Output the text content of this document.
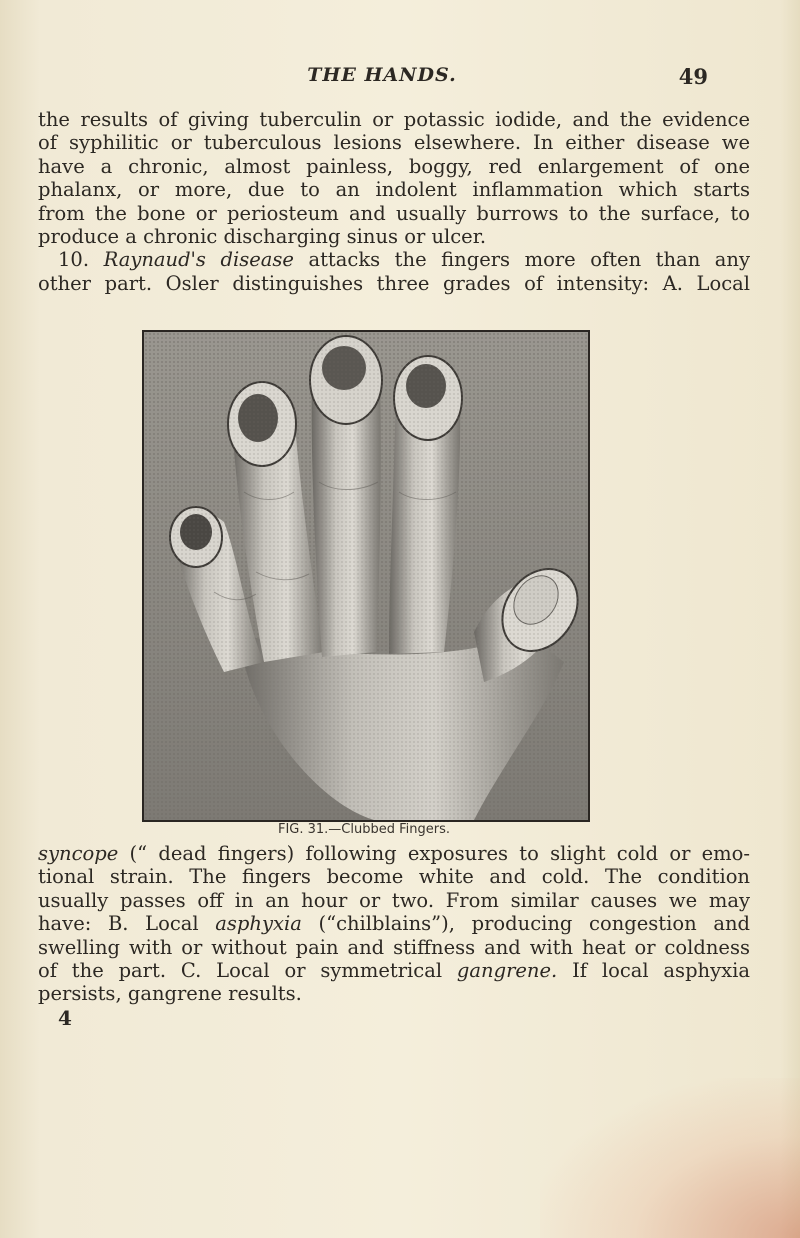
THE HANDS.	49
the results of giving tuberculin or potassic iodide, and the evidence
of syphilitic or tuberculous lesions elsewhere. In either disease we
have a chronic, almost painless, boggy, red enlargement of one
phalanx, or more, due to an indolent inflammation which starts
from the bone or periosteum and usually burrows to the surface, to
produce a chronic discharging sinus or ulcer.
10. Raynaud's disease attacks the fingers more often than any
other part. Osler distinguishes three grades of intensity: A. Local
FIG. 31.—Clubbed Fingers.
syncope (“ dead fingers) following exposures to slight cold or emo-
tional strain. The fingers become white and cold. The condition
usually passes off in an hour or two. From similar causes we may
have: B. Local asphyxia (“chilblains”), producing congestion and
swelling with or without pain and stiffness and with heat or coldness
of the part. C. Local or symmetrical gangrene. If local asphyxia
persists, gangrene results.
4
